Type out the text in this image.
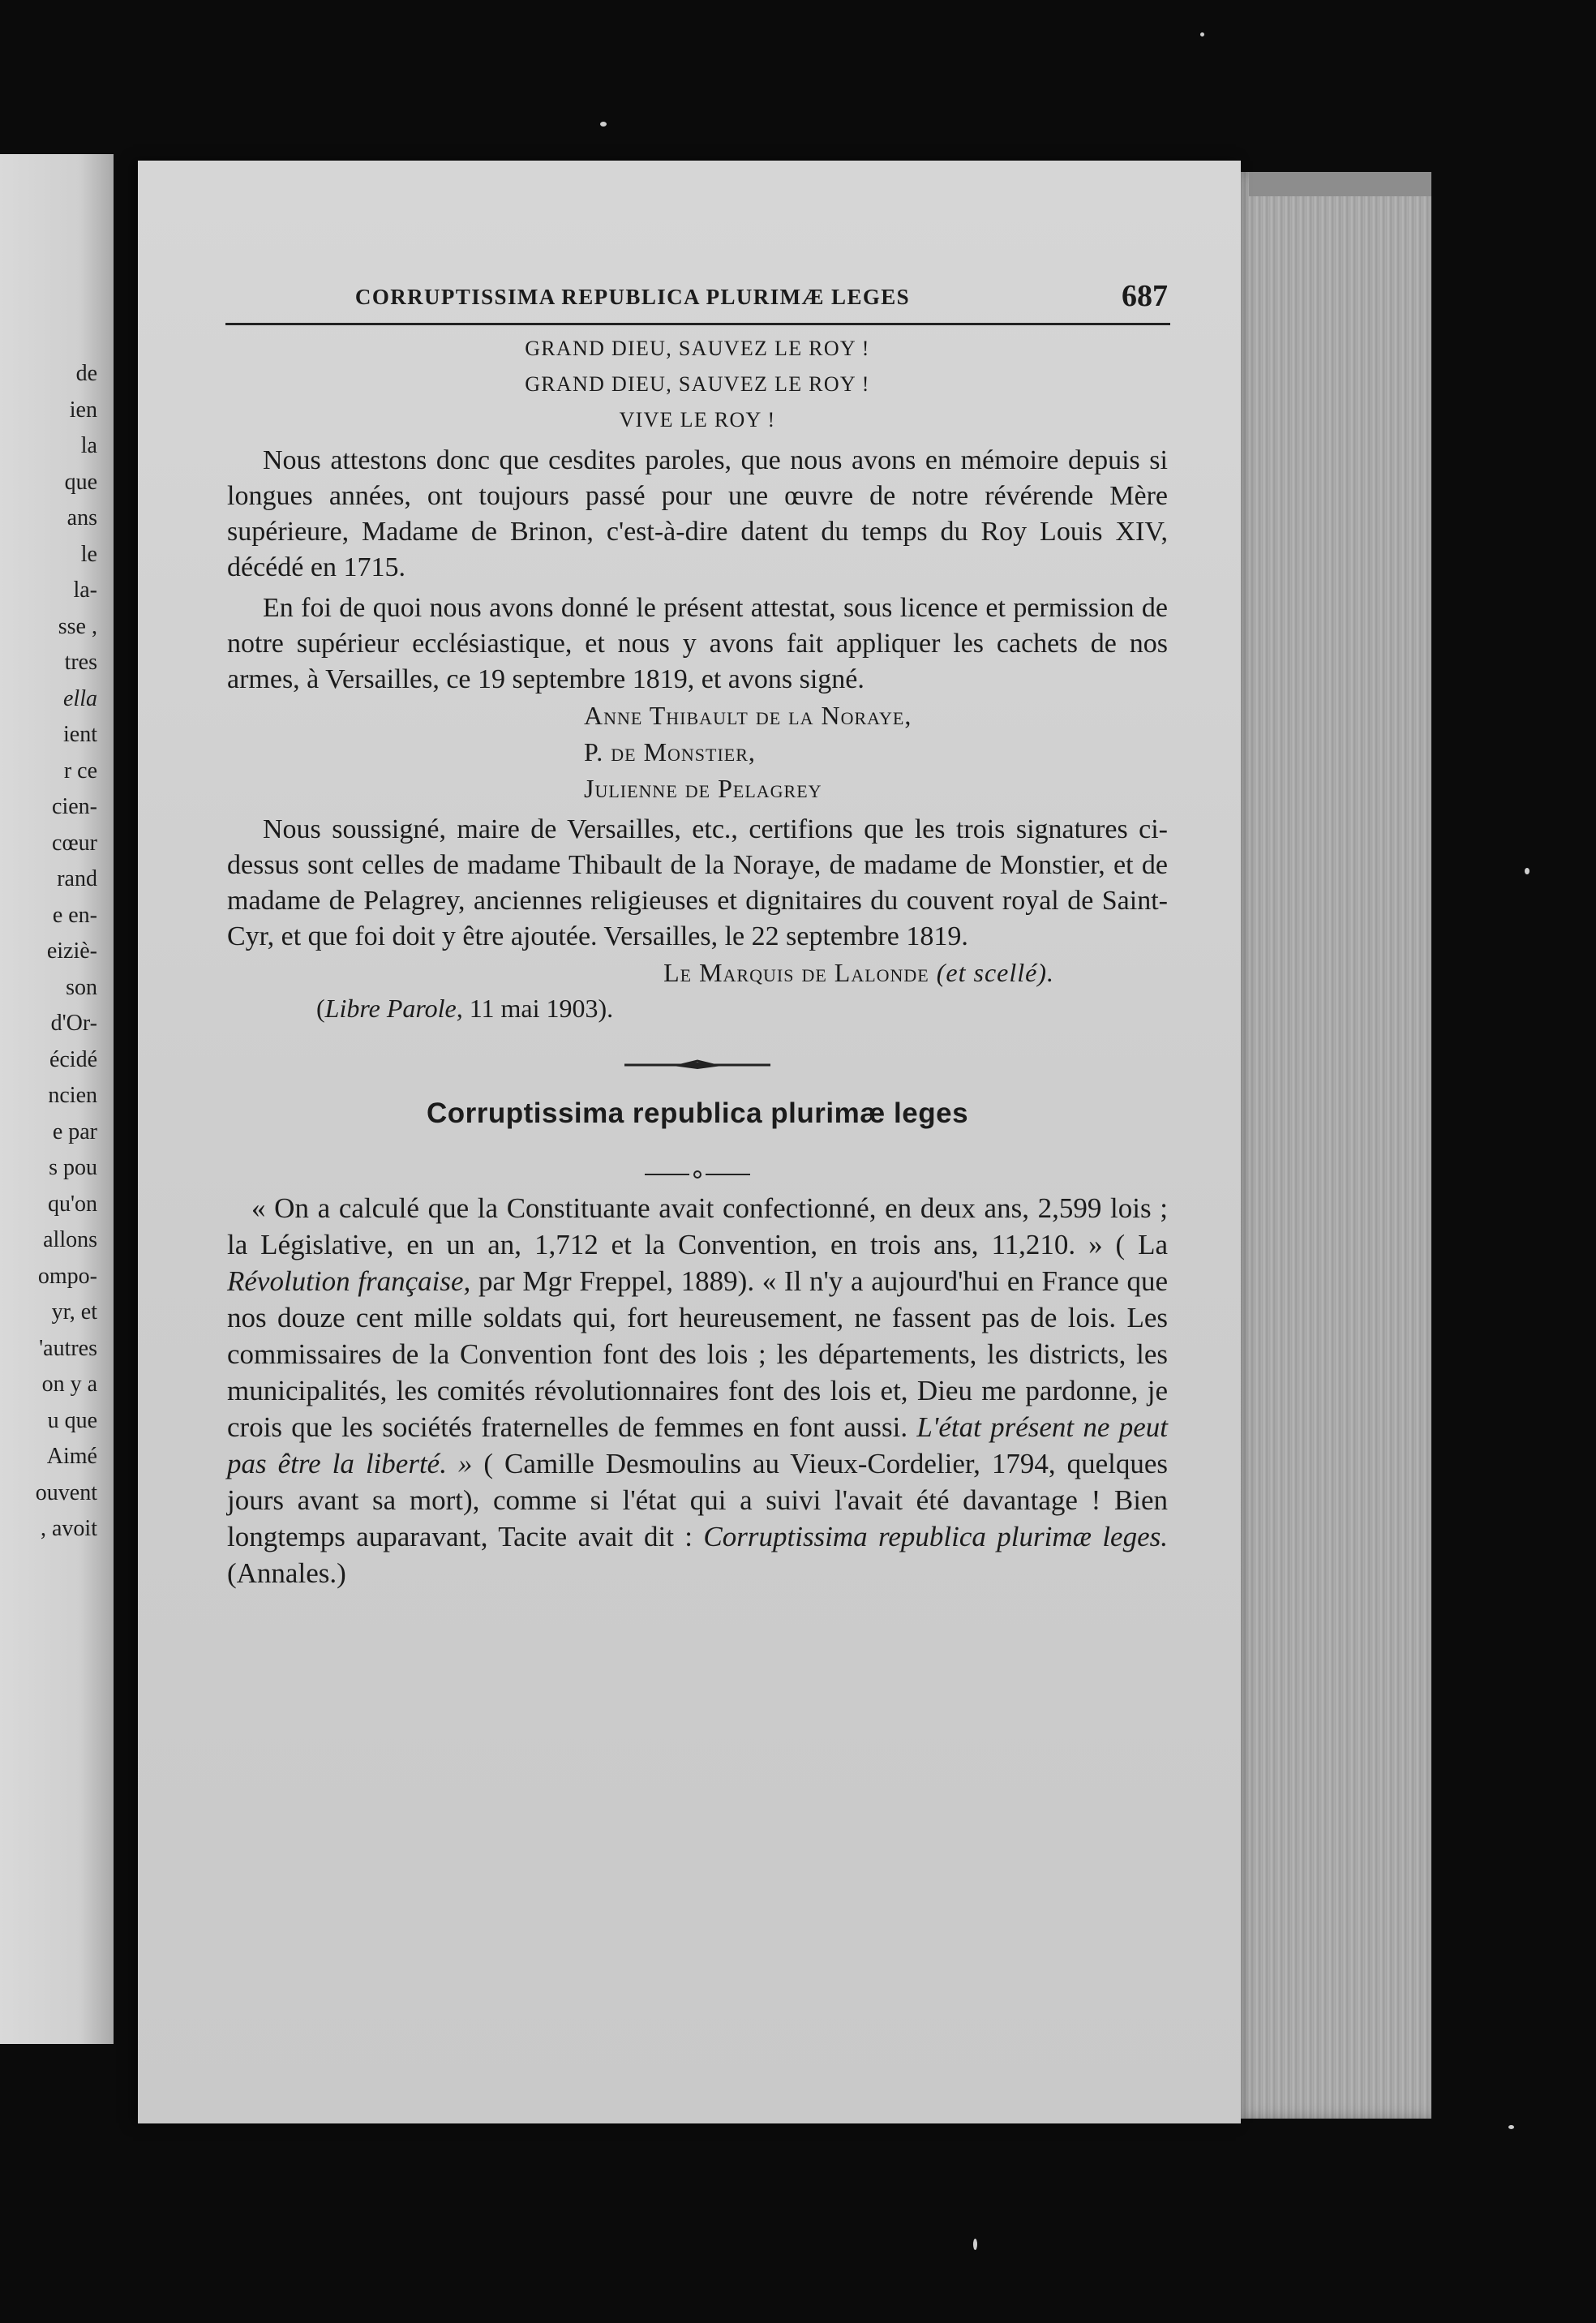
de
ien
la
que
ans
le
la-
sse ,
tres
ella
ient
r ce
cien-
cœur
rand
e en-
eiziè-
son
d'Or-
écidé
ncien
e par
s pou
qu'on
allons
ompo-
yr, et
'autres
on y a
u que
Aimé
ouvent
, avoit
CORRUPTISSIMA REPUBLICA PLURIMÆ LEGES	687
GRAND DIEU, SAUVEZ LE ROY !
GRAND DIEU, SAUVEZ LE ROY !
VIVE LE ROY !

Nous attestons donc que cesdites paroles, que nous avons en mémoire depuis si longues années, ont toujours passé pour une œuvre de notre révérende Mère supérieure, Madame de Brinon, c'est-à-dire datent du temps du Roy Louis XIV, décédé en 1715.

En foi de quoi nous avons donné le présent attestat, sous licence et permission de notre supérieur ecclésiastique, et nous y avons fait appliquer les cachets de nos armes, à Versailles, ce 19 septembre 1819, et avons signé.

Anne Thibault de la Noraye,
P. de Monstier,
Julienne de Pelagrey

Nous soussigné, maire de Versailles, etc., certifions que les trois signatures ci-dessus sont celles de madame Thibault de la Noraye, de madame de Monstier, et de madame de Pelagrey, anciennes religieuses et dignitaires du couvent royal de Saint-Cyr, et que foi doit y être ajoutée. Versailles, le 22 septembre 1819.

Le Marquis de Lalonde (et scellé).
(Libre Parole, 11 mai 1903).
Corruptissima republica plurimæ leges

« On a calculé que la Constituante avait confectionné, en deux ans, 2,599 lois ; la Législative, en un an, 1,712 et la Convention, en trois ans, 11,210. » ( La Révolution française, par Mgr Freppel, 1889). « Il n'y a aujourd'hui en France que nos douze cent mille soldats qui, fort heureusement, ne fassent pas de lois. Les commissaires de la Convention font des lois ; les départements, les districts, les municipalités, les comités révolutionnaires font des lois et, Dieu me pardonne, je crois que les sociétés fraternelles de femmes en font aussi. L'état présent ne peut pas être la liberté. » ( Camille Desmoulins au Vieux-Cordelier, 1794, quelques jours avant sa mort), comme si l'état qui a suivi l'avait été davantage ! Bien longtemps auparavant, Tacite avait dit : Corruptissima republica plurimæ leges. (Annales.)
